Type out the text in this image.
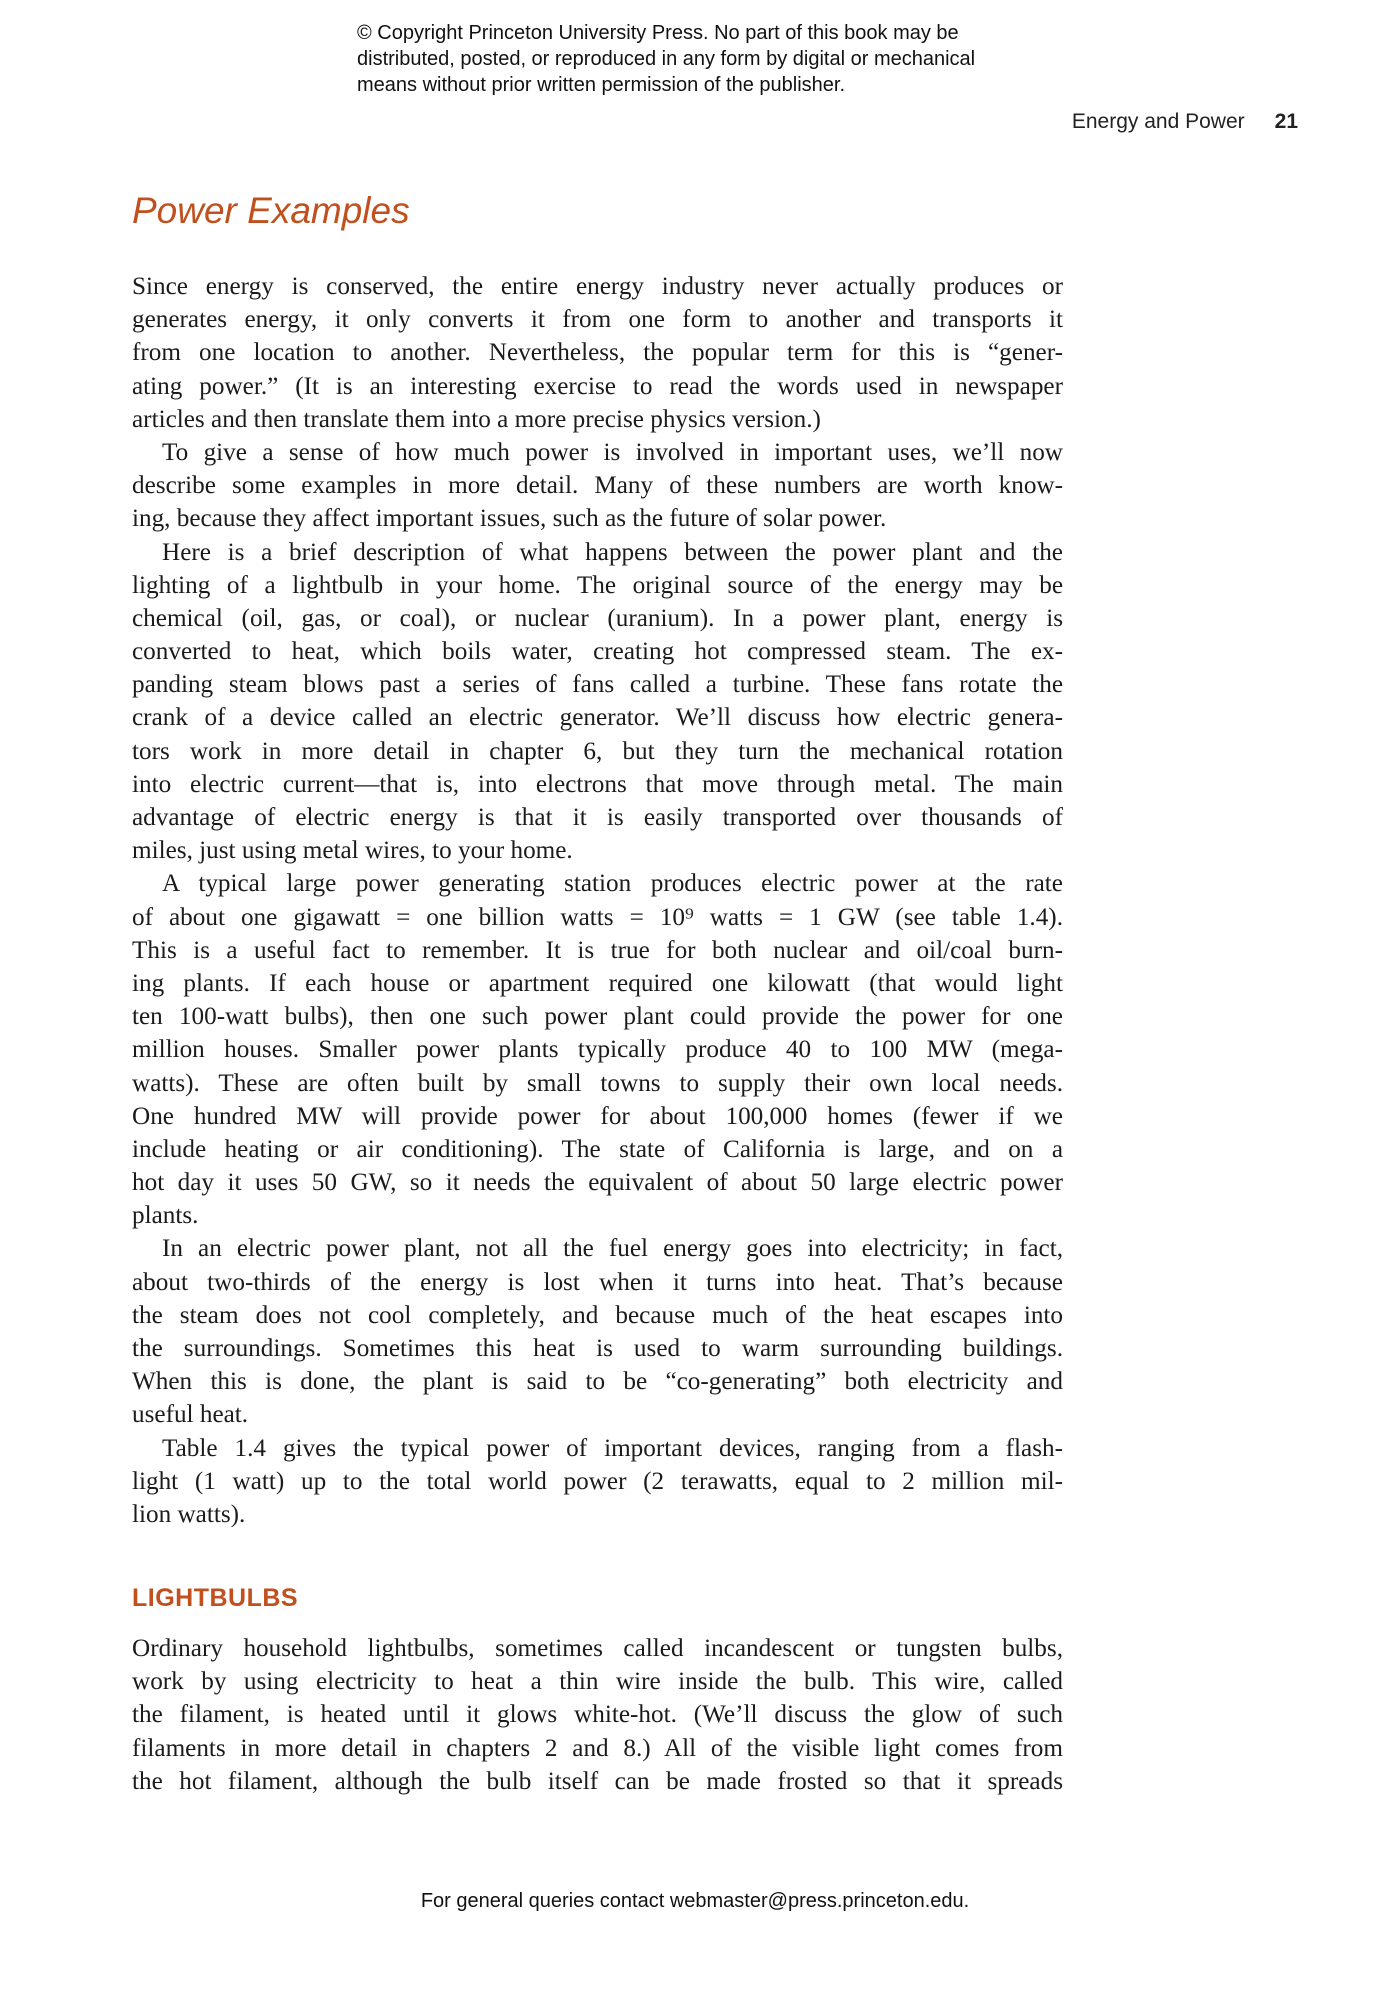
© Copyright Princeton University Press. No part of this book may be
distributed, posted, or reproduced in any form by digital or mechanical
means without prior written permission of the publisher.
Energy and Power 21
Power Examples
Since energy is conserved, the entire energy industry never actually produces or
generates energy, it only converts it from one form to another and transports it
from one location to another. Nevertheless, the popular term for this is “gener-
ating power.” (It is an interesting exercise to read the words used in newspaper
articles and then translate them into a more precise physics version.)
To give a sense of how much power is involved in important uses, we’ll now
describe some examples in more detail. Many of these numbers are worth know-
ing, because they affect important issues, such as the future of solar power.
Here is a brief description of what happens between the power plant and the
lighting of a lightbulb in your home. The original source of the energy may be
chemical (oil, gas, or coal), or nuclear (uranium). In a power plant, energy is
converted to heat, which boils water, creating hot compressed steam. The ex-
panding steam blows past a series of fans called a turbine. These fans rotate the
crank of a device called an electric generator. We’ll discuss how electric genera-
tors work in more detail in chapter 6, but they turn the mechanical rotation
into electric current—that is, into electrons that move through metal. The main
advantage of electric energy is that it is easily transported over thousands of
miles, just using metal wires, to your home.
A typical large power generating station produces electric power at the rate
of about one gigawatt = one billion watts = 10⁹ watts = 1 GW (see table 1.4).
This is a useful fact to remember. It is true for both nuclear and oil/coal burn-
ing plants. If each house or apartment required one kilowatt (that would light
ten 100-watt bulbs), then one such power plant could provide the power for one
million houses. Smaller power plants typically produce 40 to 100 MW (mega-
watts). These are often built by small towns to supply their own local needs.
One hundred MW will provide power for about 100,000 homes (fewer if we
include heating or air conditioning). The state of California is large, and on a
hot day it uses 50 GW, so it needs the equivalent of about 50 large electric power
plants.
In an electric power plant, not all the fuel energy goes into electricity; in fact,
about two-thirds of the energy is lost when it turns into heat. That’s because
the steam does not cool completely, and because much of the heat escapes into
the surroundings. Sometimes this heat is used to warm surrounding buildings.
When this is done, the plant is said to be “co-generating” both electricity and
useful heat.
Table 1.4 gives the typical power of important devices, ranging from a flash-
light (1 watt) up to the total world power (2 terawatts, equal to 2 million mil-
lion watts).
LIGHTBULBS
Ordinary household lightbulbs, sometimes called incandescent or tungsten bulbs,
work by using electricity to heat a thin wire inside the bulb. This wire, called
the filament, is heated until it glows white-hot. (We’ll discuss the glow of such
filaments in more detail in chapters 2 and 8.) All of the visible light comes from
the hot filament, although the bulb itself can be made frosted so that it spreads
For general queries contact webmaster@press.princeton.edu.
